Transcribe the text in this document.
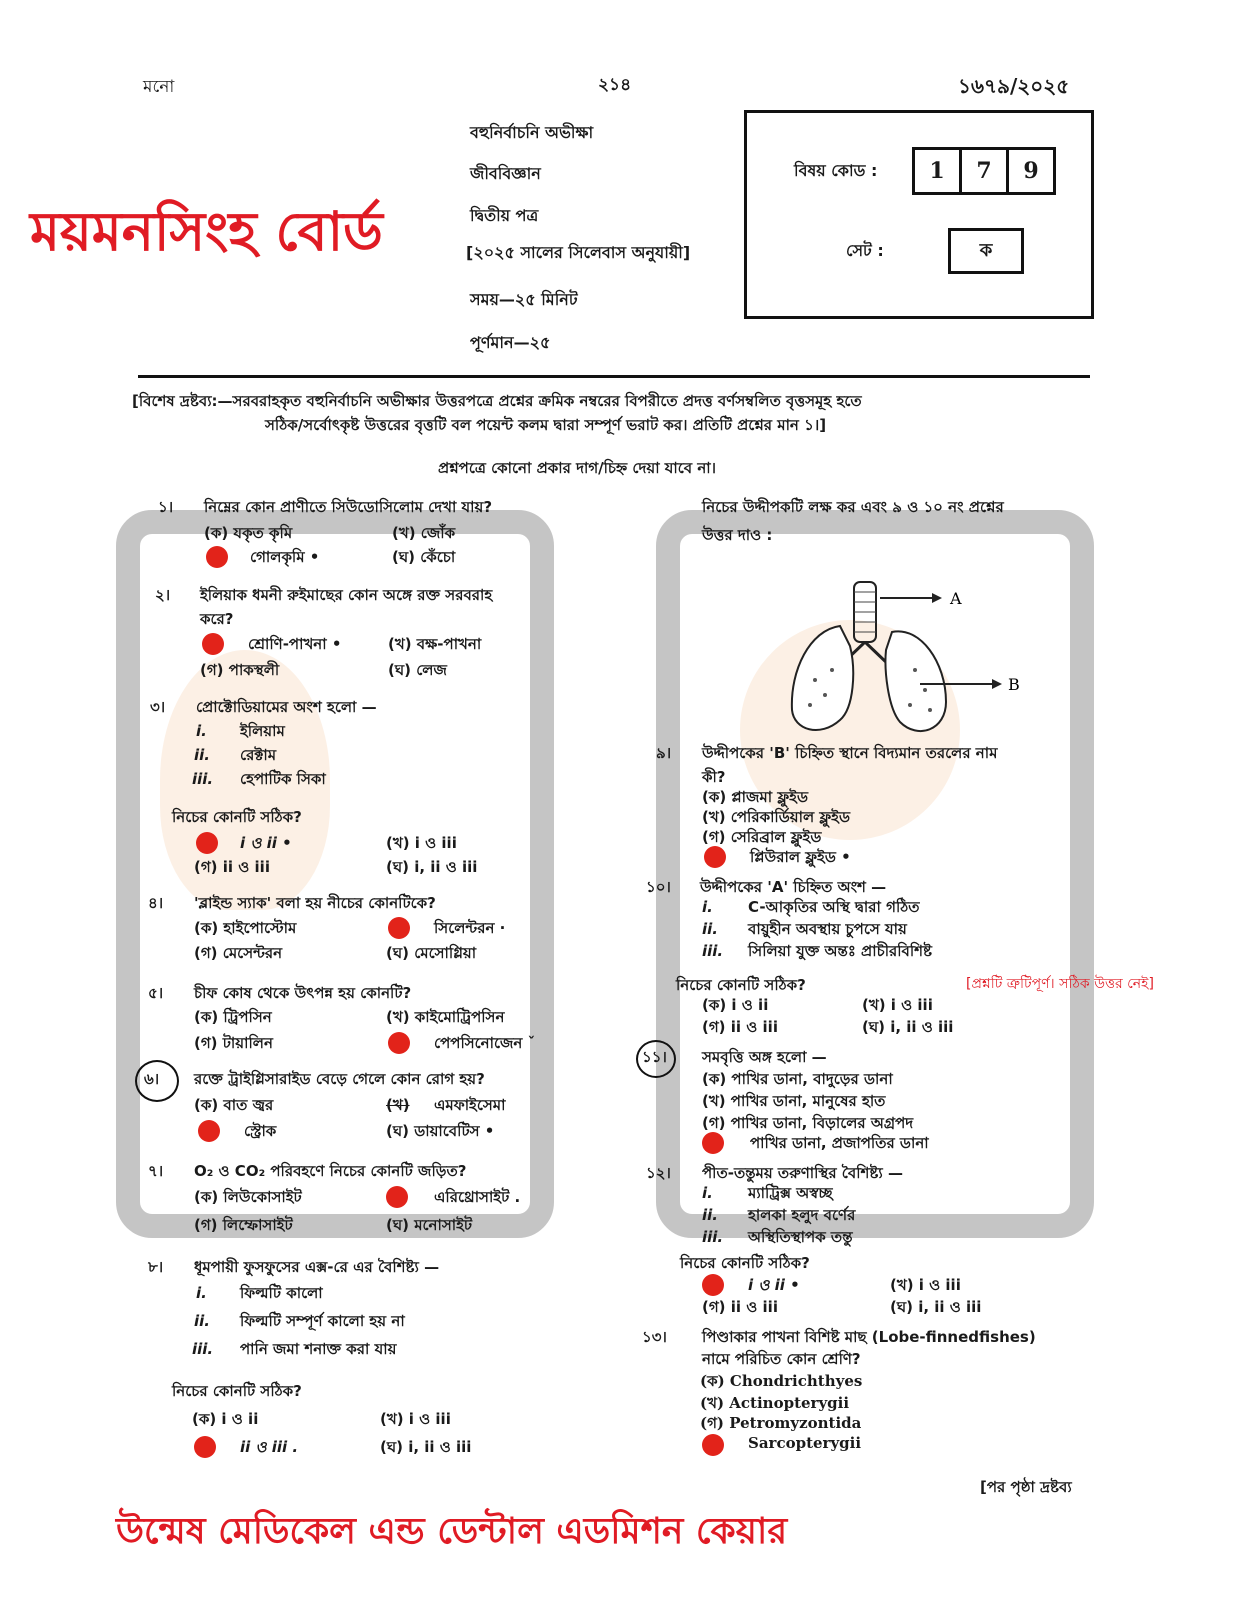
মনো	২১৪	১৬৭৯/২০২৫
বহুনির্বাচনি অভীক্ষা
জীববিজ্ঞান
দ্বিতীয় পত্র
[২০২৫ সালের সিলেবাস অনুযায়ী]
সময়—২৫ মিনিট
পূর্ণমান—২৫
ময়মনসিংহ বোর্ড
বিষয় কোড :	1	7	9
সেট :	ক
[বিশেষ দ্রষ্টব্য:—সরবরাহকৃত বহুনির্বাচনি অভীক্ষার উত্তরপত্রে প্রশ্নের ক্রমিক নম্বরের বিপরীতে প্রদত্ত বর্ণসম্বলিত বৃত্তসমূহ হতে
সঠিক/সর্বোৎকৃষ্ট উত্তরের বৃত্তটি বল পয়েন্ট কলম দ্বারা সম্পূর্ণ ভরাট কর। প্রতিটি প্রশ্নের মান ১।]
প্রশ্নপত্রে কোনো প্রকার দাগ/চিহ্ন দেয়া যাবে না।
১। নিম্নের কোন প্রাণীতে সিউডোসিলোম দেখা যায়?
(ক) যকৃত কৃমি	(খ) জোঁক
গোলকৃমি •	(ঘ) কেঁচো
২। ইলিয়াক ধমনী রুইমাছের কোন অঙ্গে রক্ত সরবরাহ
করে?
শ্রোণি-পাখনা •	(খ) বক্ষ-পাখনা
(গ) পাকস্থলী	(ঘ) লেজ
৩। প্রোক্টোডিয়ামের অংশ হলো —
i. ইলিয়াম
ii. রেক্টাম
iii. হেপাটিক সিকা
নিচের কোনটি সঠিক?
i ও ii •	(খ) i ও iii
(গ) ii ও iii	(ঘ) i, ii ও iii
৪। 'ব্লাইন্ড স্যাক' বলা হয় নীচের কোনটিকে?
(ক) হাইপোস্টোম	সিলেন্টরন ·
(গ) মেসেন্টরন	(ঘ) মেসোগ্লিয়া
৫। চীফ কোষ থেকে উৎপন্ন হয় কোনটি?
(ক) ট্রিপসিন	(খ) কাইমোট্রিপসিন
(গ) টায়ালিন	পেপসিনোজেন ˇ
৬। রক্তে ট্রাইগ্লিসারাইড বেড়ে গেলে কোন রোগ হয়?
(ক) বাত জ্বর	(খ) এমফাইসেমা
স্ট্রোক	(ঘ) ডায়াবেটিস •
৭। O₂ ও CO₂ পরিবহণে নিচের কোনটি জড়িত?
(ক) লিউকোসাইট	এরিথ্রোসাইট .
(গ) লিম্ফোসাইট	(ঘ) মনোসাইট
৮। ধূমপায়ী ফুসফুসের এক্স-রে এর বৈশিষ্ট্য —
i. ফিল্মটি কালো
ii. ফিল্মটি সম্পূর্ণ কালো হয় না
iii. পানি জমা শনাক্ত করা যায়
নিচের কোনটি সঠিক?
(ক) i ও ii	(খ) i ও iii
ii ও iii .	(ঘ) i, ii ও iii
নিচের উদ্দীপকটি লক্ষ কর এবং ৯ ও ১০ নং প্রশ্নের
উত্তর দাও :
A
B
৯। উদ্দীপকের 'B' চিহ্নিত স্থানে বিদ্যমান তরলের নাম
কী?
(ক) প্লাজমা ফ্লুইড
(খ) পেরিকার্ডিয়াল ফ্লুইড
(গ) সেরিব্রাল ফ্লুইড
প্লিউরাল ফ্লুইড •
১০। উদ্দীপকের 'A' চিহ্নিত অংশ —
i. C-আকৃতির অস্থি দ্বারা গঠিত
ii. বায়ুহীন অবস্থায় চুপসে যায়
iii. সিলিয়া যুক্ত অন্তঃ প্রাচীরবিশিষ্ট
নিচের কোনটি সঠিক?	[প্রশ্নটি ত্রুটিপূর্ণ। সঠিক উত্তর নেই]
(ক) i ও ii	(খ) i ও iii
(গ) ii ও iii	(ঘ) i, ii ও iii
১১। সমবৃত্তি অঙ্গ হলো —
(ক) পাখির ডানা, বাদুড়ের ডানা
(খ) পাখির ডানা, মানুষের হাত
(গ) পাখির ডানা, বিড়ালের অগ্রপদ
পাখির ডানা, প্রজাপতির ডানা
১২। পীত-তন্তুময় তরুণাস্থির বৈশিষ্ট্য —
i. ম্যাট্রিক্স অস্বচ্ছ
ii. হালকা হলুদ বর্ণের
iii. অস্থিতিস্থাপক তন্তু
নিচের কোনটি সঠিক?
i ও ii •	(খ) i ও iii
(গ) ii ও iii	(ঘ) i, ii ও iii
১৩। পিণ্ডাকার পাখনা বিশিষ্ট মাছ (Lobe-finnedfishes)
নামে পরিচিত কোন শ্রেণি?
(ক) Chondrichthyes
(খ) Actinopterygii
(গ) Petromyzontida
Sarcopterygii
[পর পৃষ্ঠা দ্রষ্টব্য
উন্মেষ মেডিকেল এন্ড ডেন্টাল এডমিশন কেয়ার
